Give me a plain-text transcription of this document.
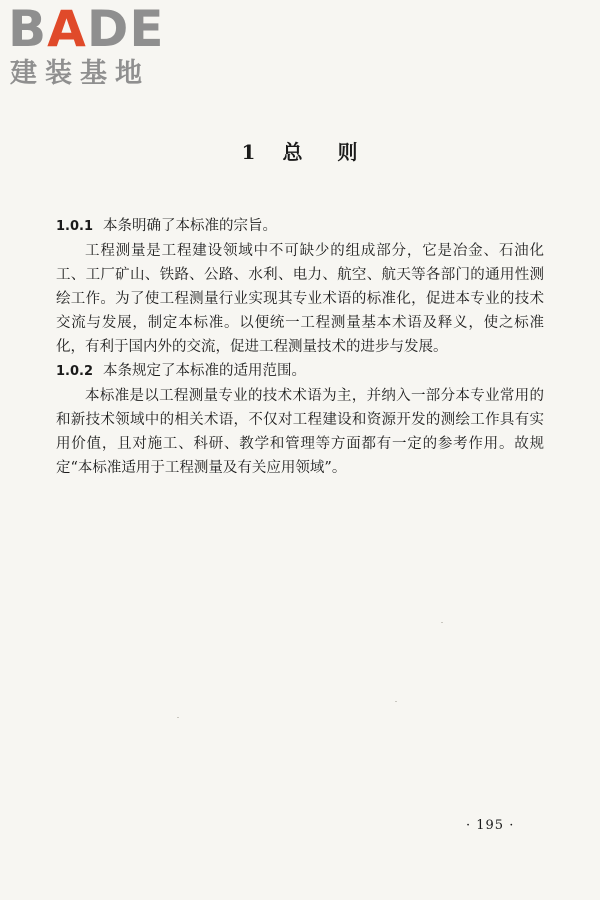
BADE
建装基地
1 总 则

1.0.1 本条明确了本标准的宗旨。

工程测量是工程建设领域中不可缺少的组成部分，它是冶金、石油化工、工厂矿山、铁路、公路、水利、电力、航空、航天等各部门的通用性测绘工作。为了使工程测量行业实现其专业术语的标准化，促进本专业的技术交流与发展，制定本标准。以便统一工程测量基本术语及释义，使之标准化，有利于国内外的交流，促进工程测量技术的进步与发展。

1.0.2 本条规定了本标准的适用范围。

本标准是以工程测量专业的技术术语为主，并纳入一部分本专业常用的和新技术领域中的相关术语，不仅对工程建设和资源开发的测绘工作具有实用价值，且对施工、科研、教学和管理等方面都有一定的参考作用。故规定“本标准适用于工程测量及有关应用领域”。

· 195 ·
